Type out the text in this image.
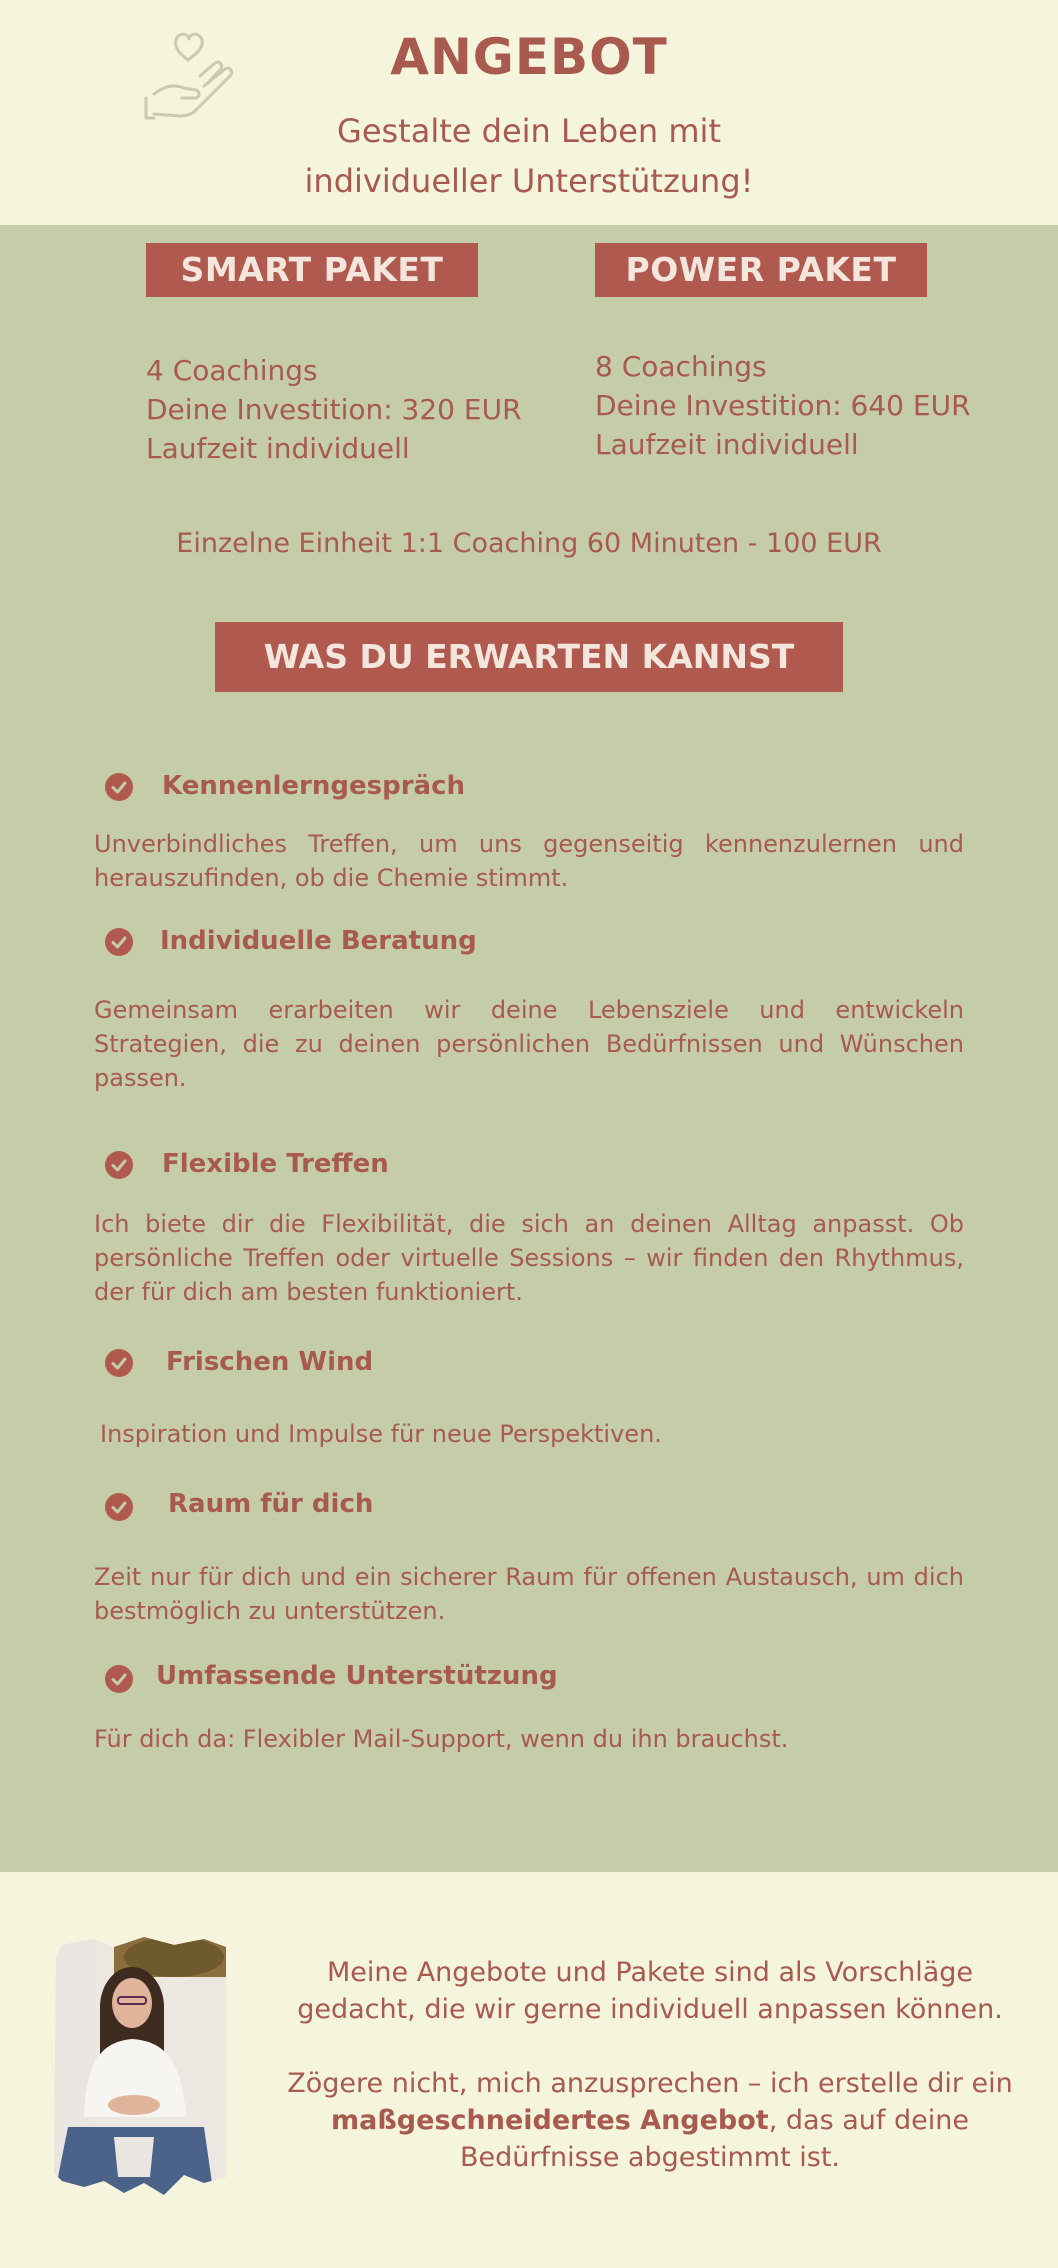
ANGEBOT
Gestalte dein Leben mit
individueller Unterstützung!
SMART PAKET	POWER PAKET
4 Coachings
Deine Investition: 320 EUR
Laufzeit individuell
8 Coachings
Deine Investition: 640 EUR
Laufzeit individuell
Einzelne Einheit 1:1 Coaching 60 Minuten - 100 EUR
WAS DU ERWARTEN KANNST
Kennenlerngespräch
Unverbindliches Treffen, um uns gegenseitig kennenzulernen und herauszufinden, ob die Chemie stimmt.
Individuelle Beratung
Gemeinsam erarbeiten wir deine Lebensziele und entwickeln Strategien, die zu deinen persönlichen Bedürfnissen und Wünschen passen.
Flexible Treffen
Ich biete dir die Flexibilität, die sich an deinen Alltag anpasst. Ob persönliche Treffen oder virtuelle Sessions – wir finden den Rhythmus, der für dich am besten funktioniert.
Frischen Wind
Inspiration und Impulse für neue Perspektiven.
Raum für dich
Zeit nur für dich und ein sicherer Raum für offenen Austausch, um dich bestmöglich zu unterstützen.
Umfassende Unterstützung
Für dich da: Flexibler Mail-Support, wenn du ihn brauchst.
Meine Angebote und Pakete sind als Vorschläge gedacht, die wir gerne individuell anpassen können.
Zögere nicht, mich anzusprechen – ich erstelle dir ein maßgeschneidertes Angebot, das auf deine Bedürfnisse abgestimmt ist.
